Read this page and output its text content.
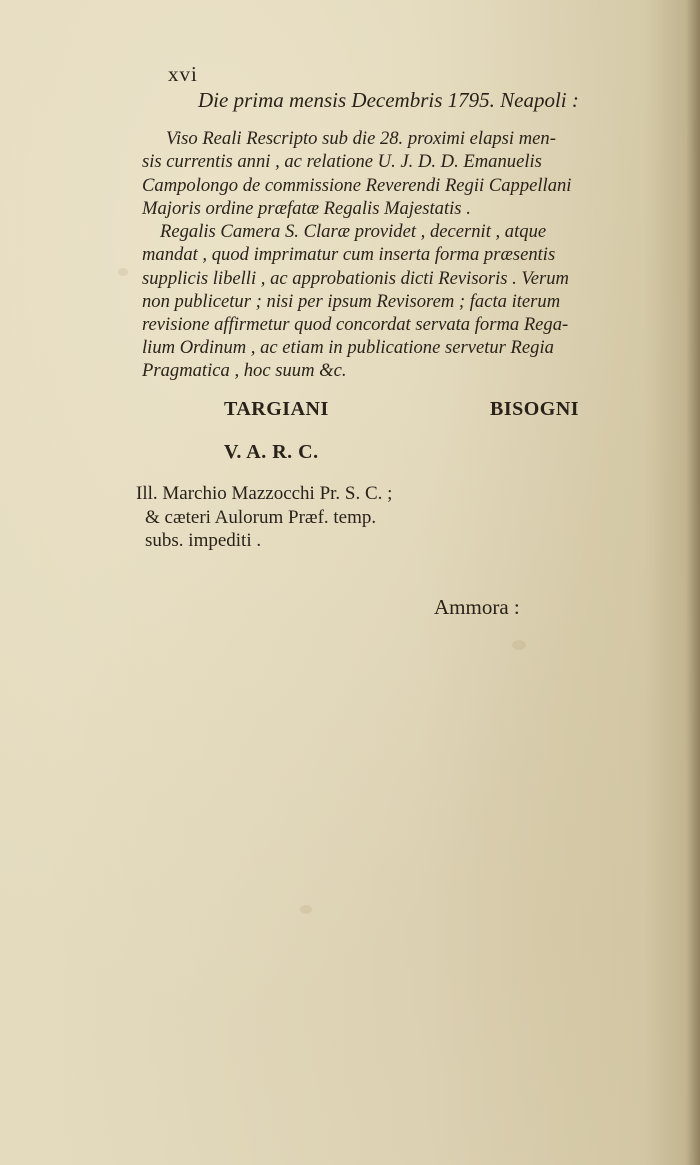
xvi
Die prima mensis Decembris 1795. Neapoli :
Viso Reali Rescripto sub die 28. proximi elapsi men-
sis currentis anni , ac relatione U. J. D. D. Emanuelis
Campolongo de commissione Reverendi Regii Cappellani
Majoris ordine præfatæ Regalis Majestatis .
Regalis Camera S. Claræ providet , decernit , atque
mandat , quod imprimatur cum inserta forma præsentis
supplicis libelli , ac approbationis dicti Revisoris . Verum
non publicetur ; nisi per ipsum Revisorem ; facta iterum
revisione affirmetur quod concordat servata forma Rega-
lium Ordinum , ac etiam in publicatione servetur Regia
Pragmatica , hoc suum &c.
TARGIANI	BISOGNI
V. A. R. C.
Ill. Marchio Mazzocchi Pr. S. C. ;
& cæteri Aulorum Præf. temp.
subs. impediti .
Ammora :
